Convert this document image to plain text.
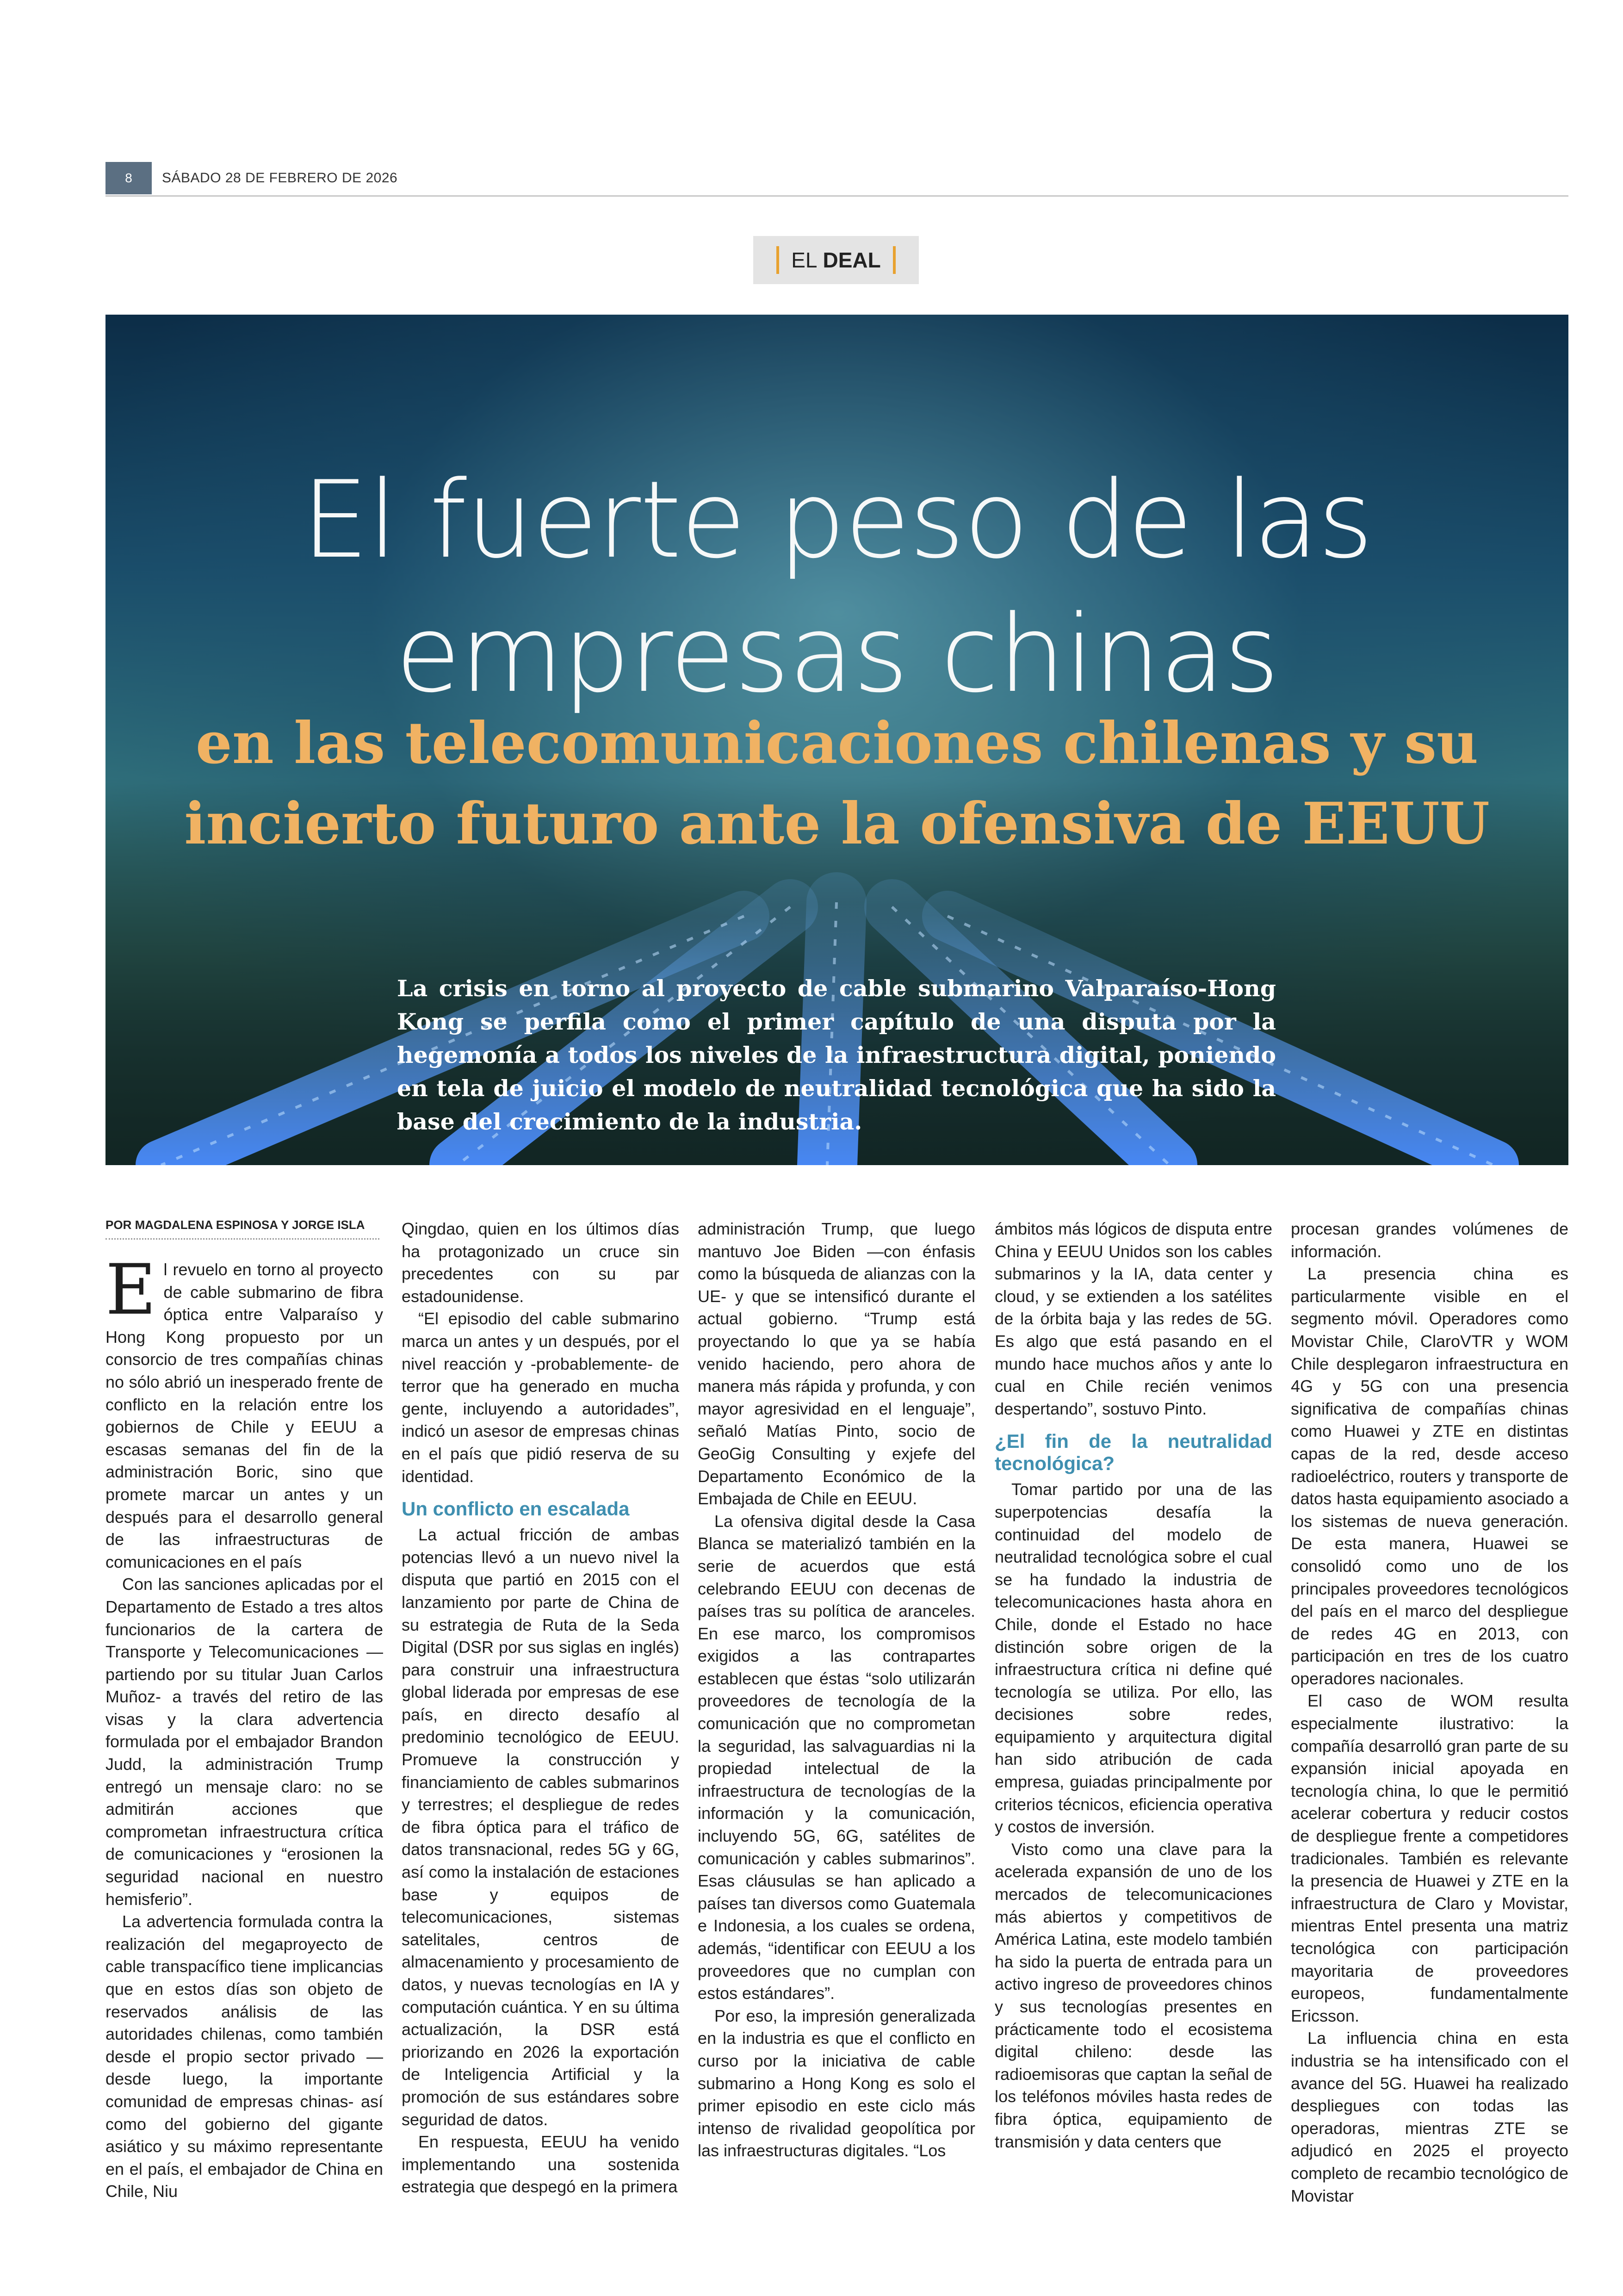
8	SÁBADO 28 DE FEBRERO DE 2026
EL DEAL
El fuerte peso de las
empresas chinas
en las telecomunicaciones chilenas y su
incierto futuro ante la ofensiva de EEUU
La crisis en torno al proyecto de cable submarino Valparaíso-Hong Kong se perfila como el primer capítulo de una disputa por la hegemonía a todos los niveles de la infraestructura digital, poniendo en tela de juicio el modelo de neutralidad tecnológica que ha sido la base del crecimiento de la industria.
POR MAGDALENA ESPINOSA Y JORGE ISLA

El revuelo en torno al proyecto de cable submarino de fibra óptica entre Valparaíso y Hong Kong propuesto por un consorcio de tres compañías chinas no sólo abrió un inesperado frente de conflicto en la relación entre los gobiernos de Chile y EEUU a escasas semanas del fin de la administración Boric, sino que promete marcar un antes y un después para el desarrollo general de las infraestructuras de comunicaciones en el país

Con las sanciones aplicadas por el Departamento de Estado a tres altos funcionarios de la cartera de Transporte y Telecomunicaciones —partiendo por su titular Juan Carlos Muñoz- a través del retiro de las visas y la clara advertencia formulada por el embajador Brandon Judd, la administración Trump entregó un mensaje claro: no se admitirán acciones que comprometan infraestructura crítica de comunicaciones y “erosionen la seguridad nacional en nuestro hemisferio”.

La advertencia formulada contra la realización del megaproyecto de cable transpacífico tiene implicancias que en estos días son objeto de reservados análisis de las autoridades chilenas, como también desde el propio sector privado —desde luego, la importante comunidad de empresas chinas- así como del gobierno del gigante asiático y su máximo representante en el país, el embajador de China en Chile, Niu

Qingdao, quien en los últimos días ha protagonizado un cruce sin precedentes con su par estadounidense.

“El episodio del cable submarino marca un antes y un después, por el nivel reacción y -probablemente- de terror que ha generado en mucha gente, incluyendo a autoridades”, indicó un asesor de empresas chinas en el país que pidió reserva de su identidad.

Un conflicto en escalada

La actual fricción de ambas potencias llevó a un nuevo nivel la disputa que partió en 2015 con el lanzamiento por parte de China de su estrategia de Ruta de la Seda Digital (DSR por sus siglas en inglés) para construir una infraestructura global liderada por empresas de ese país, en directo desafío al predominio tecnológico de EEUU. Promueve la construcción y financiamiento de cables submarinos y terrestres; el despliegue de redes de fibra óptica para el tráfico de datos transnacional, redes 5G y 6G, así como la instalación de estaciones base y equipos de telecomunicaciones, sistemas satelitales, centros de almacenamiento y procesamiento de datos, y nuevas tecnologías en IA y computación cuántica. Y en su última actualización, la DSR está priorizando en 2026 la exportación de Inteligencia Artificial y la promoción de sus estándares sobre seguridad de datos.

En respuesta, EEUU ha venido implementando una sostenida estrategia que despegó en la primera

administración Trump, que luego mantuvo Joe Biden —con énfasis como la búsqueda de alianzas con la UE- y que se intensificó durante el actual gobierno. “Trump está proyectando lo que ya se había venido haciendo, pero ahora de manera más rápida y profunda, y con mayor agresividad en el lenguaje”, señaló Matías Pinto, socio de GeoGig Consulting y exjefe del Departamento Económico de la Embajada de Chile en EEUU.

La ofensiva digital desde la Casa Blanca se materializó también en la serie de acuerdos que está celebrando EEUU con decenas de países tras su política de aranceles. En ese marco, los compromisos exigidos a las contrapartes establecen que éstas “solo utilizarán proveedores de tecnología de la comunicación que no comprometan la seguridad, las salvaguardias ni la propiedad intelectual de la infraestructura de tecnologías de la información y la comunicación, incluyendo 5G, 6G, satélites de comunicación y cables submarinos”. Esas cláusulas se han aplicado a países tan diversos como Guatemala e Indonesia, a los cuales se ordena, además, “identificar con EEUU a los proveedores que no cumplan con estos estándares”.

Por eso, la impresión generalizada en la industria es que el conflicto en curso por la iniciativa de cable submarino a Hong Kong es solo el primer episodio en este ciclo más intenso de rivalidad geopolítica por las infraestructuras digitales. “Los

ámbitos más lógicos de disputa entre China y EEUU Unidos son los cables submarinos y la IA, data center y cloud, y se extienden a los satélites de la órbita baja y las redes de 5G. Es algo que está pasando en el mundo hace muchos años y ante lo cual en Chile recién venimos despertando”, sostuvo Pinto.

¿El fin de la neutralidad tecnológica?

Tomar partido por una de las superpotencias desafía la continuidad del modelo de neutralidad tecnológica sobre el cual se ha fundado la industria de telecomunicaciones hasta ahora en Chile, donde el Estado no hace distinción sobre origen de la infraestructura crítica ni define qué tecnología se utiliza. Por ello, las decisiones sobre redes, equipamiento y arquitectura digital han sido atribución de cada empresa, guiadas principalmente por criterios técnicos, eficiencia operativa y costos de inversión.

Visto como una clave para la acelerada expansión de uno de los mercados de telecomunicaciones más abiertos y competitivos de América Latina, este modelo también ha sido la puerta de entrada para un activo ingreso de proveedores chinos y sus tecnologías presentes en prácticamente todo el ecosistema digital chileno: desde las radioemisoras que captan la señal de los teléfonos móviles hasta redes de fibra óptica, equipamiento de transmisión y data centers que

procesan grandes volúmenes de información.

La presencia china es particularmente visible en el segmento móvil. Operadores como Movistar Chile, ClaroVTR y WOM Chile desplegaron infraestructura en 4G y 5G con una presencia significativa de compañías chinas como Huawei y ZTE en distintas capas de la red, desde acceso radioeléctrico, routers y transporte de datos hasta equipamiento asociado a los sistemas de nueva generación. De esta manera, Huawei se consolidó como uno de los principales proveedores tecnológicos del país en el marco del despliegue de redes 4G en 2013, con participación en tres de los cuatro operadores nacionales.

El caso de WOM resulta especialmente ilustrativo: la compañía desarrolló gran parte de su expansión inicial apoyada en tecnología china, lo que le permitió acelerar cobertura y reducir costos de despliegue frente a competidores tradicionales. También es relevante la presencia de Huawei y ZTE en la infraestructura de Claro y Movistar, mientras Entel presenta una matriz tecnológica con participación mayoritaria de proveedores europeos, fundamentalmente Ericsson.

La influencia china en esta industria se ha intensificado con el avance del 5G. Huawei ha realizado despliegues con todas las operadoras, mientras ZTE se adjudicó en 2025 el proyecto completo de recambio tecnológico de Movistar
